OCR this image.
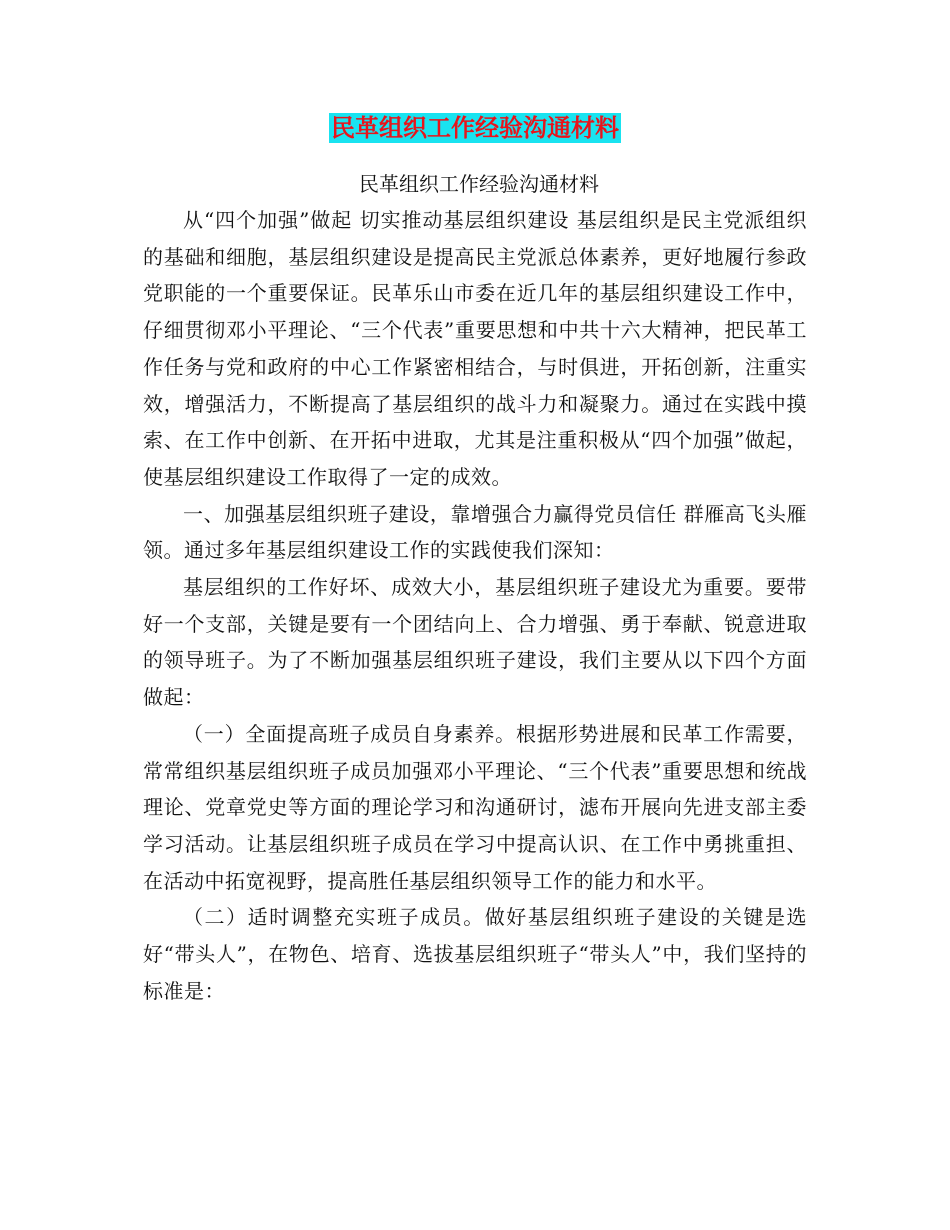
民革组织工作经验沟通材料

民革组织工作经验沟通材料

从“四个加强”做起 切实推动基层组织建设 基层组织是民主党派组织的基础和细胞，基层组织建设是提高民主党派总体素养，更好地履行参政党职能的一个重要保证。民革乐山市委在近几年的基层组织建设工作中，仔细贯彻邓小平理论、“三个代表”重要思想和中共十六大精神，把民革工作任务与党和政府的中心工作紧密相结合，与时俱进，开拓创新，注重实效，增强活力，不断提高了基层组织的战斗力和凝聚力。通过在实践中摸索、在工作中创新、在开拓中进取，尤其是注重积极从“四个加强”做起，使基层组织建设工作取得了一定的成效。

一、加强基层组织班子建设，靠增强合力赢得党员信任 群雁高飞头雁领。通过多年基层组织建设工作的实践使我们深知：

基层组织的工作好坏、成效大小，基层组织班子建设尤为重要。要带好一个支部，关键是要有一个团结向上、合力增强、勇于奉献、锐意进取的领导班子。为了不断加强基层组织班子建设，我们主要从以下四个方面做起：

（一）全面提高班子成员自身素养。根据形势进展和民革工作需要，常常组织基层组织班子成员加强邓小平理论、“三个代表”重要思想和统战理论、党章党史等方面的理论学习和沟通研讨，滤布开展向先进支部主委学习活动。让基层组织班子成员在学习中提高认识、在工作中勇挑重担、在活动中拓宽视野，提高胜任基层组织领导工作的能力和水平。

（二）适时调整充实班子成员。做好基层组织班子建设的关键是选好“带头人”，在物色、培育、选拔基层组织班子“带头人”中，我们坚持的标准是：
